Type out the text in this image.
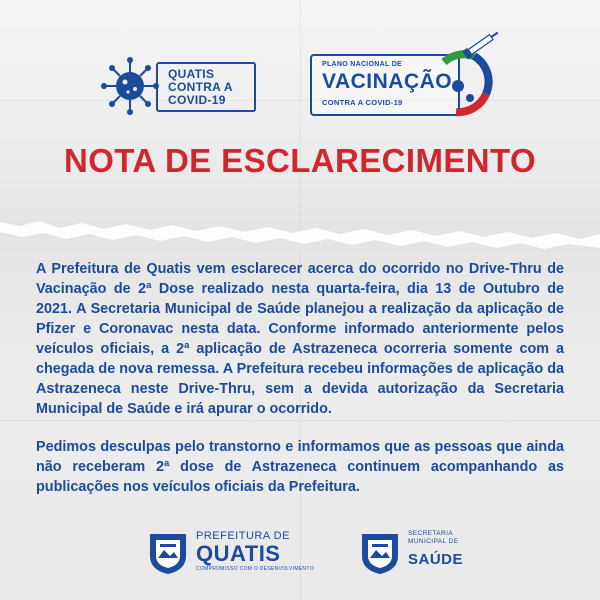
QUATIS
CONTRA A
COVID-19
PLANO NACIONAL DE
VACINAÇÃO
CONTRA A COVID-19
NOTA DE ESCLARECIMENTO

A Prefeitura de Quatis vem esclarecer acerca do ocorrido no Drive-Thru de Vacinação de 2ª Dose realizado nesta quarta-feira, dia 13 de Outubro de 2021. A Secretaria Municipal de Saúde planejou a realização da aplicação de Pfizer e Coronavac nesta data. Conforme informado anteriormente pelos veículos oficiais, a 2ª aplicação de Astrazeneca ocorreria somente com a chegada de nova remessa. A Prefeitura recebeu informações de aplicação da Astrazeneca neste Drive-Thru, sem a devida autorização da Secretaria Municipal de Saúde e irá apurar o ocorrido.

Pedimos desculpas pelo transtorno e informamos que as pessoas que ainda não receberam 2ª dose de Astrazeneca continuem acompanhando as publicações nos veículos oficiais da Prefeitura.

PREFEITURA DE
QUATIS
COMPROMISSO COM O DESENVOLVIMENTO
SECRETARIA MUNICIPAL DE
SAÚDE
